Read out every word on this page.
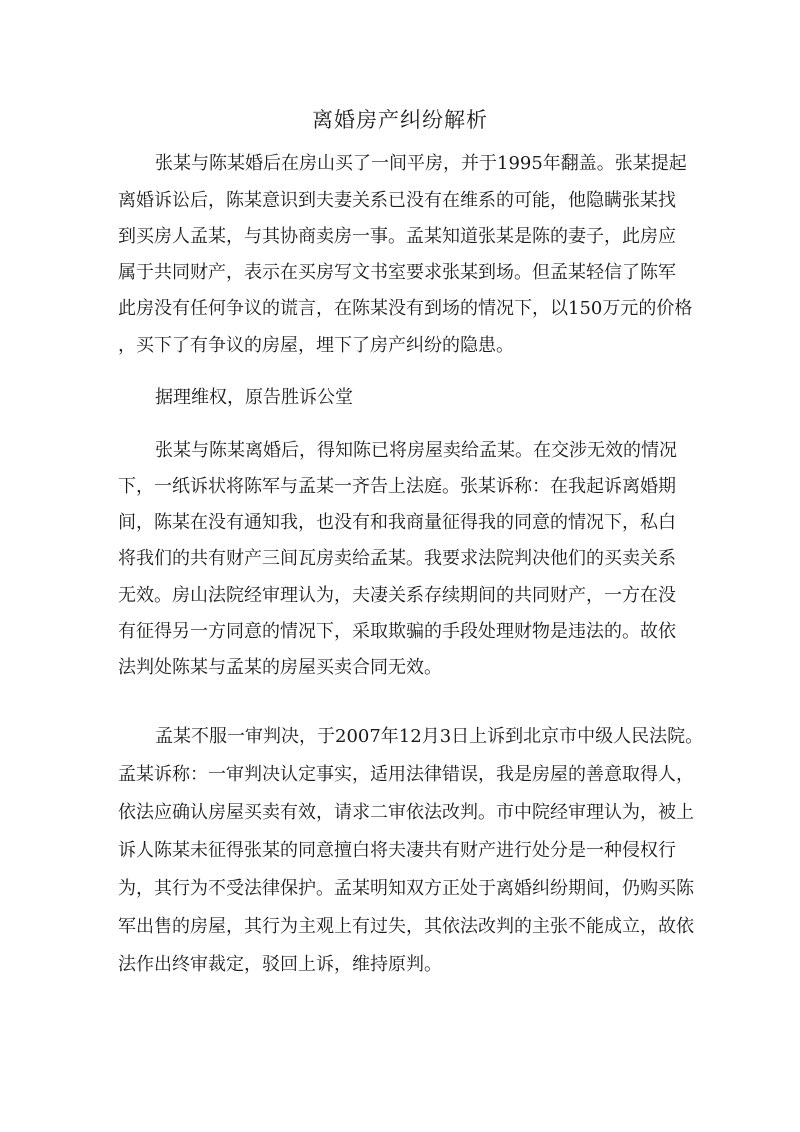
离婚房产纠纷解析

张某与陈某婚后在房山买了一间平房，并于1995年翻盖。张某提起

离婚诉讼后，陈某意识到夫妻关系已没有在维系的可能，他隐瞒张某找

到买房人孟某，与其协商卖房一事。孟某知道张某是陈的妻子，此房应

属于共同财产，表示在买房写文书室要求张某到场。但孟某轻信了陈军

此房没有任何争议的谎言，在陈某没有到场的情况下，以150万元的价格

，买下了有争议的房屋，埋下了房产纠纷的隐患。

据理维权，原告胜诉公堂

张某与陈某离婚后，得知陈已将房屋卖给孟某。在交涉无效的情况

下，一纸诉状将陈军与孟某一齐告上法庭。张某诉称：在我起诉离婚期

间，陈某在没有通知我，也没有和我商量征得我的同意的情况下，私白

将我们的共有财产三间瓦房卖给孟某。我要求法院判决他们的买卖关系

无效。房山法院经审理认为，夫凄关系存续期间的共同财产，一方在没

有征得另一方同意的情况下，采取欺骗的手段处理财物是违法的。故依

法判处陈某与孟某的房屋买卖合同无效。

孟某不服一审判决，于2007年12月3日上诉到北京市中级人民法院。

孟某诉称：一审判决认定事实，适用法律错误，我是房屋的善意取得人，

依法应确认房屋买卖有效，请求二审依法改判。市中院经审理认为，被上

诉人陈某未征得张某的同意擅白将夫凄共有财产进行处分是一种侵权行

为，其行为不受法律保护。孟某明知双方正处于离婚纠纷期间，仍购买陈

军出售的房屋，其行为主观上有过失，其依法改判的主张不能成立，故依

法作出终审裁定，驳回上诉，维持原判。
